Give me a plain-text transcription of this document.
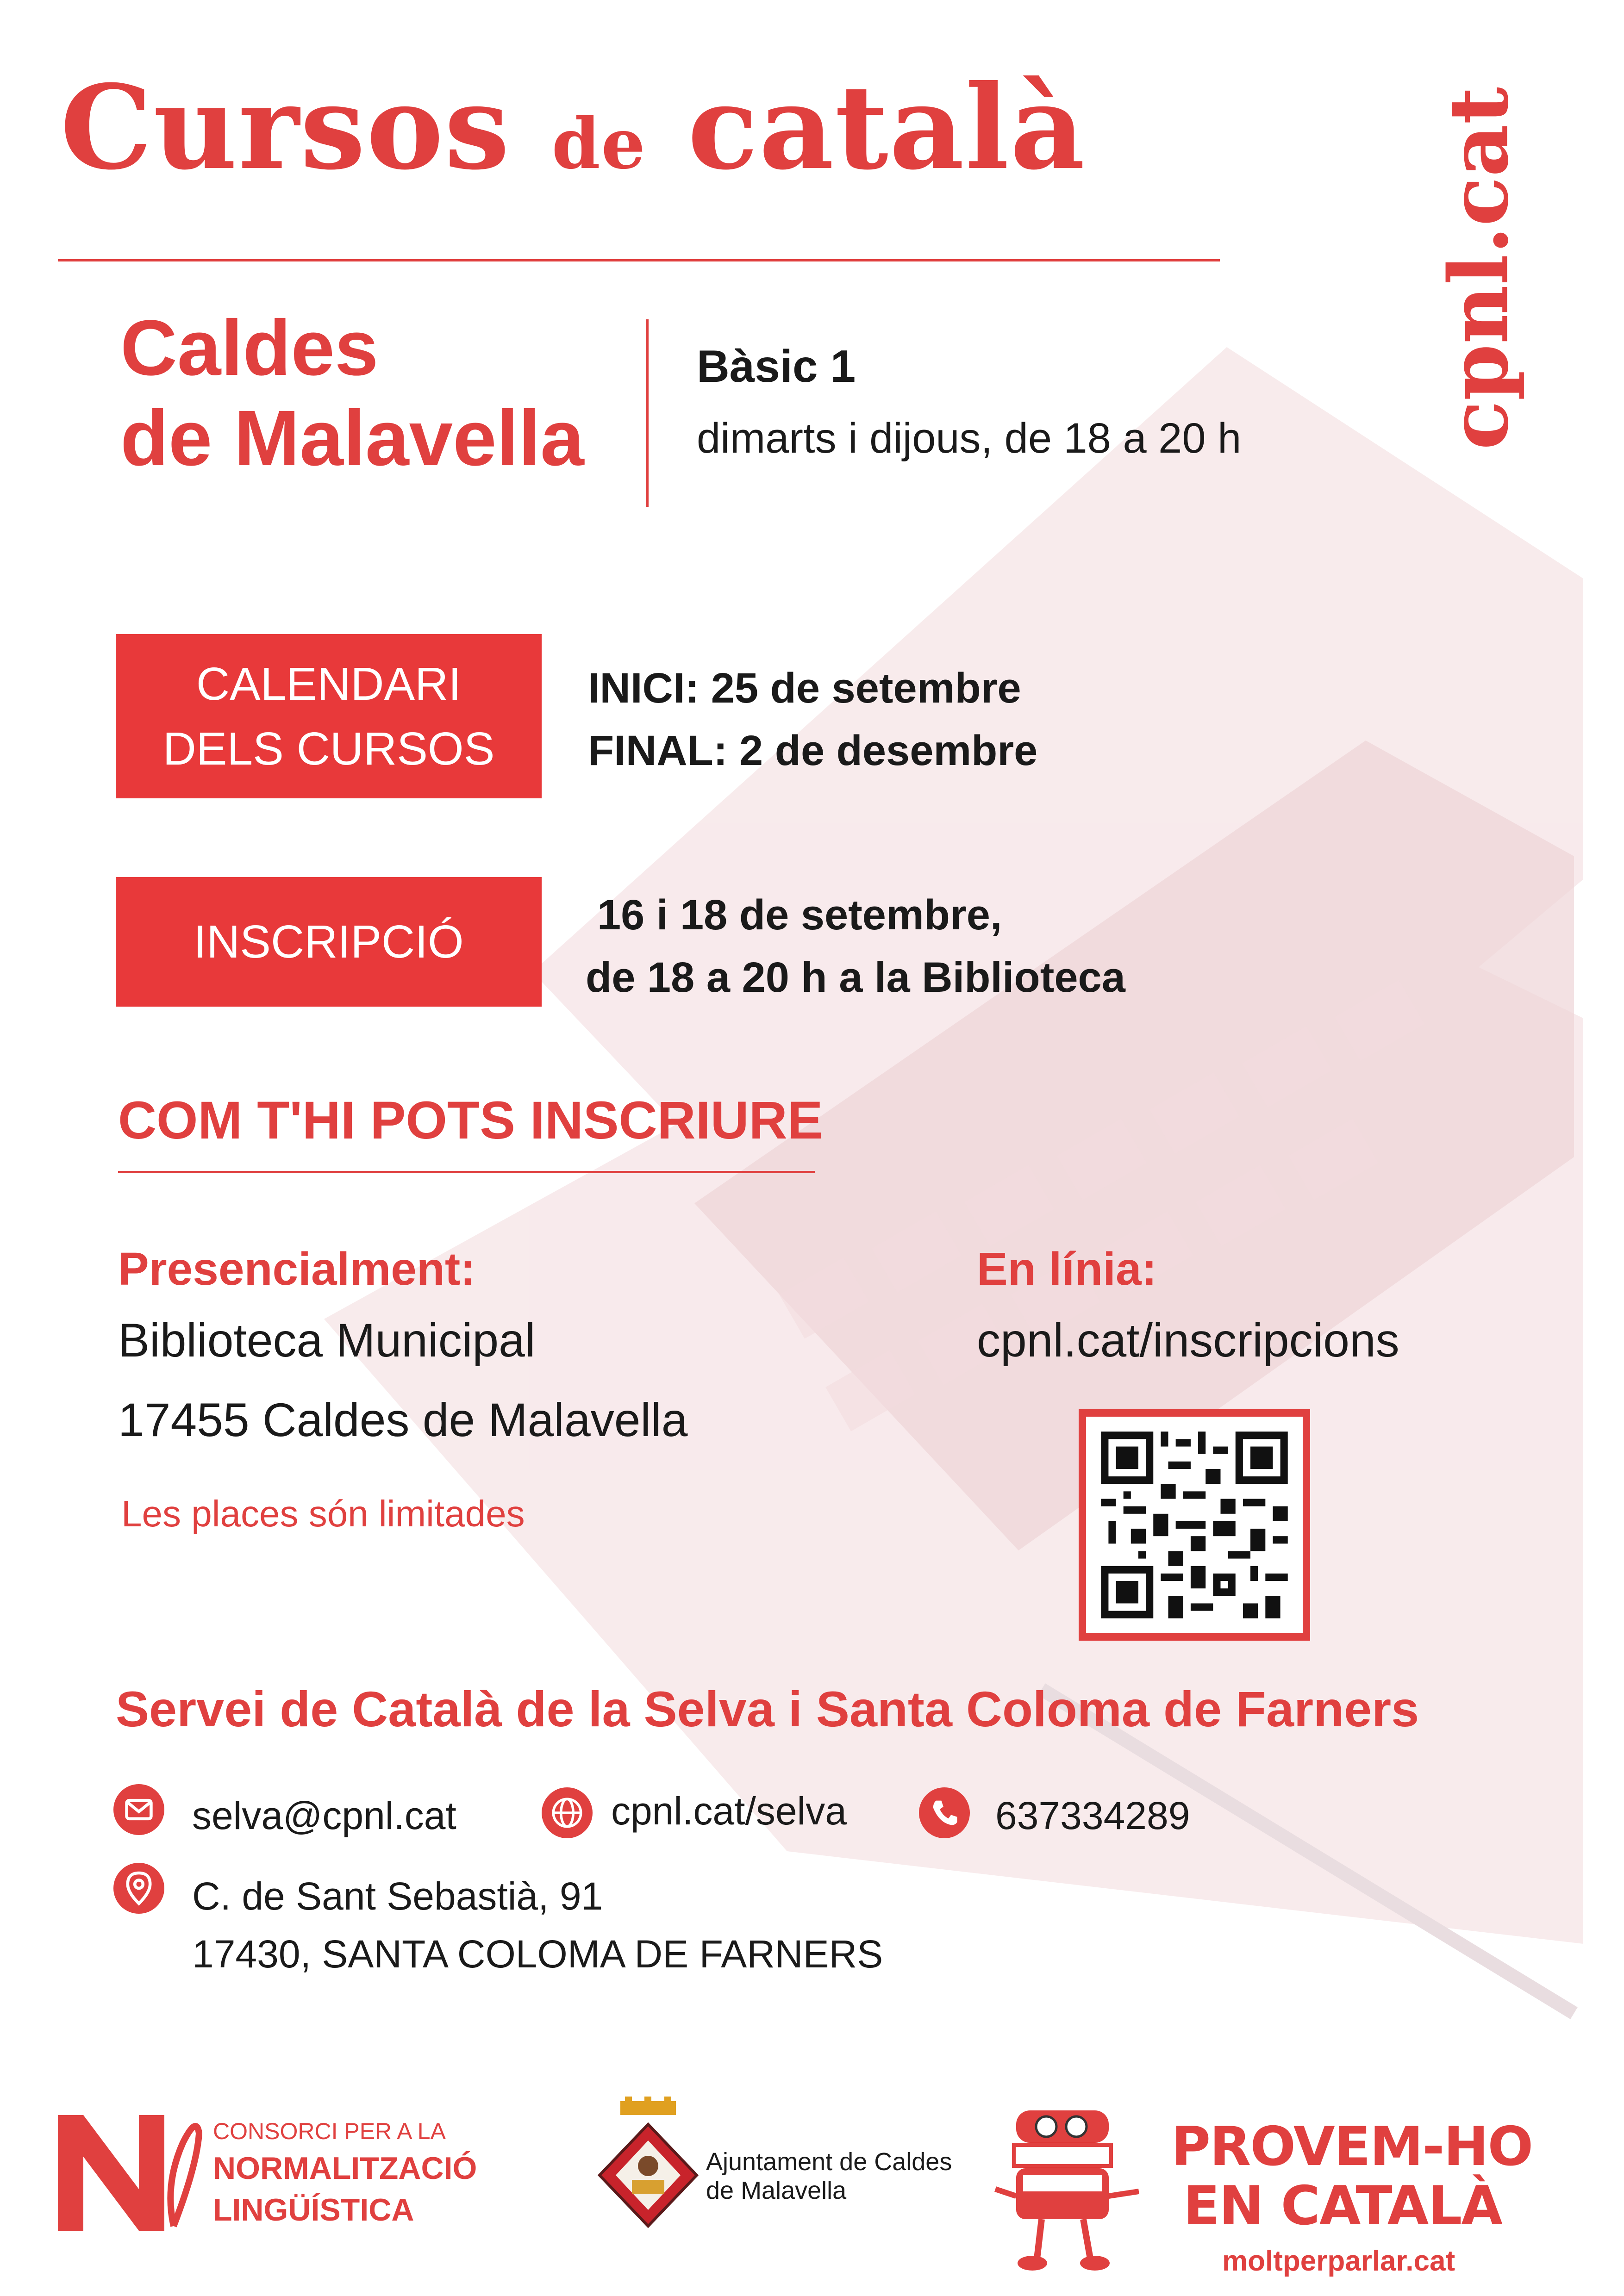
Cursos de català	cpnl.cat
Caldes
de Malavella
Bàsic 1
dimarts i dijous, de 18 a 20 h
CALENDARI
DELS CURSOS
INICI: 25 de setembre
FINAL: 2 de desembre
INSCRIPCIÓ
16 i 18 de setembre,
de 18 a 20 h a la Biblioteca
COM T'HI POTS INSCRIURE
Presencialment:
Biblioteca Municipal
17455 Caldes de Malavella
Les places són limitades
En línia:
cpnl.cat/inscripcions
Servei de Català de la Selva i Santa Coloma de Farners
selva@cpnl.cat	cpnl.cat/selva	637334289
C. de Sant Sebastià, 91
17430, SANTA COLOMA DE FARNERS
CONSORCI PER A LA
NORMALITZACIÓ
LINGÜÍSTICA
Ajuntament de Caldes
de Malavella
PROVEM-HO
EN CATALÀ
moltperparlar.cat
